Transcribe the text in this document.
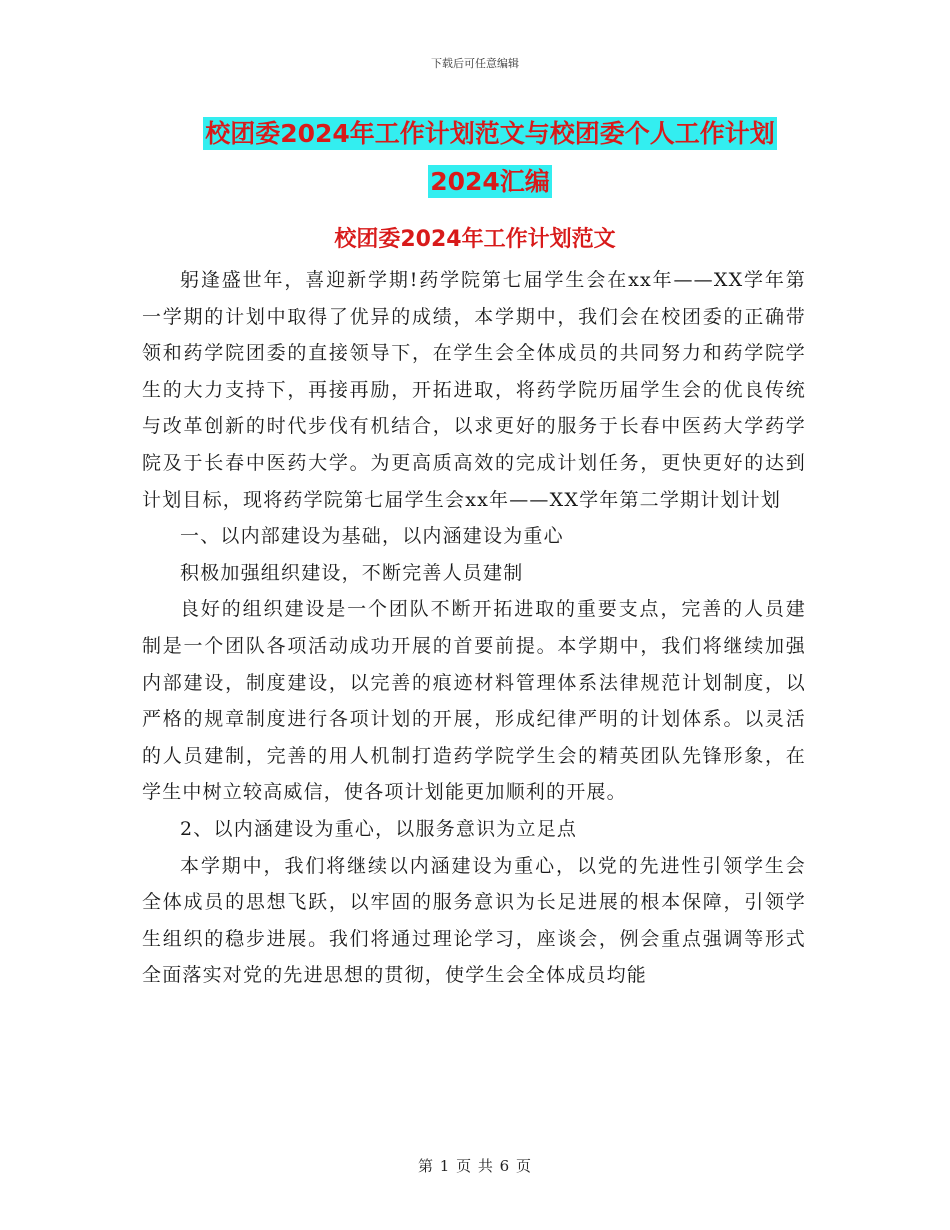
下载后可任意编辑
校团委2024年工作计划范文与校团委个人工作计划
2024汇编
校团委2024年工作计划范文

躬逢盛世年，喜迎新学期!药学院第七届学生会在xx年——XX学年第一学期的计划中取得了优异的成绩，本学期中，我们会在校团委的正确带领和药学院团委的直接领导下，在学生会全体成员的共同努力和药学院学生的大力支持下，再接再励，开拓进取，将药学院历届学生会的优良传统与改革创新的时代步伐有机结合，以求更好的服务于长春中医药大学药学院及于长春中医药大学。为更高质高效的完成计划任务，更快更好的达到计划目标，现将药学院第七届学生会xx年——XX学年第二学期计划计划

一、以内部建设为基础，以内涵建设为重心

积极加强组织建设，不断完善人员建制

良好的组织建设是一个团队不断开拓进取的重要支点，完善的人员建制是一个团队各项活动成功开展的首要前提。本学期中，我们将继续加强内部建设，制度建设，以完善的痕迹材料管理体系法律规范计划制度，以严格的规章制度进行各项计划的开展，形成纪律严明的计划体系。以灵活的人员建制，完善的用人机制打造药学院学生会的精英团队先锋形象，在学生中树立较高威信，使各项计划能更加顺利的开展。

2、以内涵建设为重心，以服务意识为立足点

本学期中，我们将继续以内涵建设为重心，以党的先进性引领学生会全体成员的思想飞跃，以牢固的服务意识为长足进展的根本保障，引领学生组织的稳步进展。我们将通过理论学习，座谈会，例会重点强调等形式全面落实对党的先进思想的贯彻，使学生会全体成员均能

第 1 页 共 6 页
